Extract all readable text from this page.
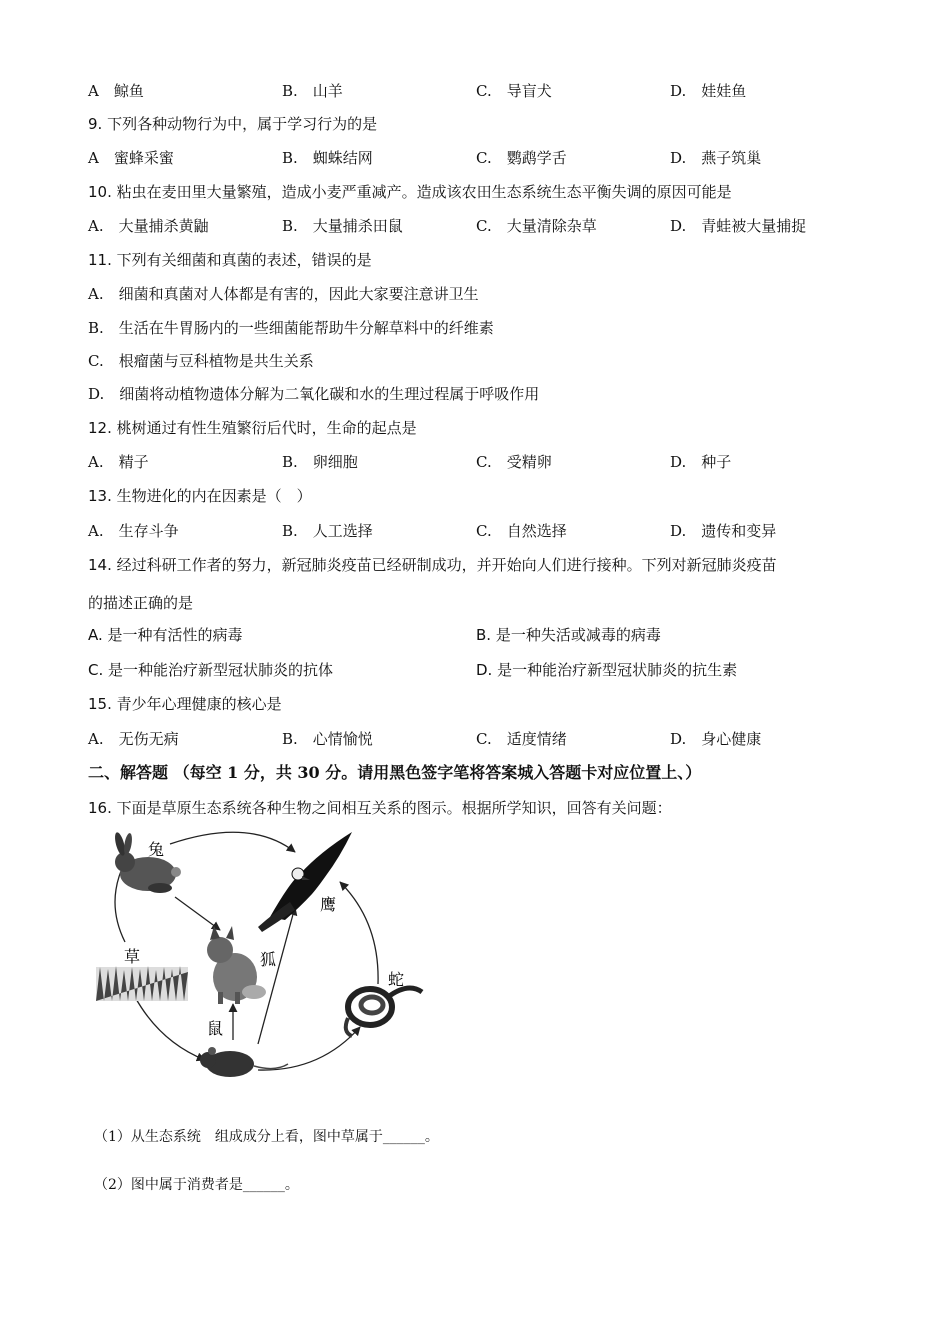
A　鲸鱼	B.　山羊	C.　导盲犬	D.　娃娃鱼
9. 下列各种动物行为中，属于学习行为的是
A　蜜蜂采蜜	B.　蜘蛛结网	C.　鹦鹉学舌	D.　燕子筑巢
10. 粘虫在麦田里大量繁殖，造成小麦严重减产。造成该农田生态系统生态平衡失调的原因可能是
A.　大量捕杀黄鼬	B.　大量捕杀田鼠	C.　大量清除杂草	D.　青蛙被大量捕捉
11. 下列有关细菌和真菌的表述，错误的是
A.　细菌和真菌对人体都是有害的，因此大家要注意讲卫生
B.　生活在牛胃肠内的一些细菌能帮助牛分解草料中的纤维素
C.　根瘤菌与豆科植物是共生关系
D.　细菌将动植物遗体分解为二氧化碳和水的生理过程属于呼吸作用
12. 桃树通过有性生殖繁衍后代时，生命的起点是
A.　精子	B.　卵细胞	C.　受精卵	D.　种子
13. 生物进化的内在因素是（　）
A.　生存斗争	B.　人工选择	C.　自然选择	D.　遗传和变异
14. 经过科研工作者的努力，新冠肺炎疫苗已经研制成功，并开始向人们进行接种。下列对新冠肺炎疫苗
的描述正确的是
A. 是一种有活性的病毒	B. 是一种失活或减毒的病毒
C. 是一种能治疗新型冠状肺炎的抗体	D. 是一种能治疗新型冠状肺炎的抗生素
15. 青少年心理健康的核心是
A.　无伤无病	B.　心情愉悦	C.　适度情绪	D.　身心健康
二、解答题 （每空 1 分，共 30 分。请用黑色签字笔将答案城入答题卡对应位置上、）
16. 下面是草原生态系统各种生物之间相互关系的图示。根据所学知识，回答有关问题：
兔
鹰
草	狐
蛇
鼠
（1）从生态系统　组成成分上看，图中草属于______。
（2）图中属于消费者是______。
